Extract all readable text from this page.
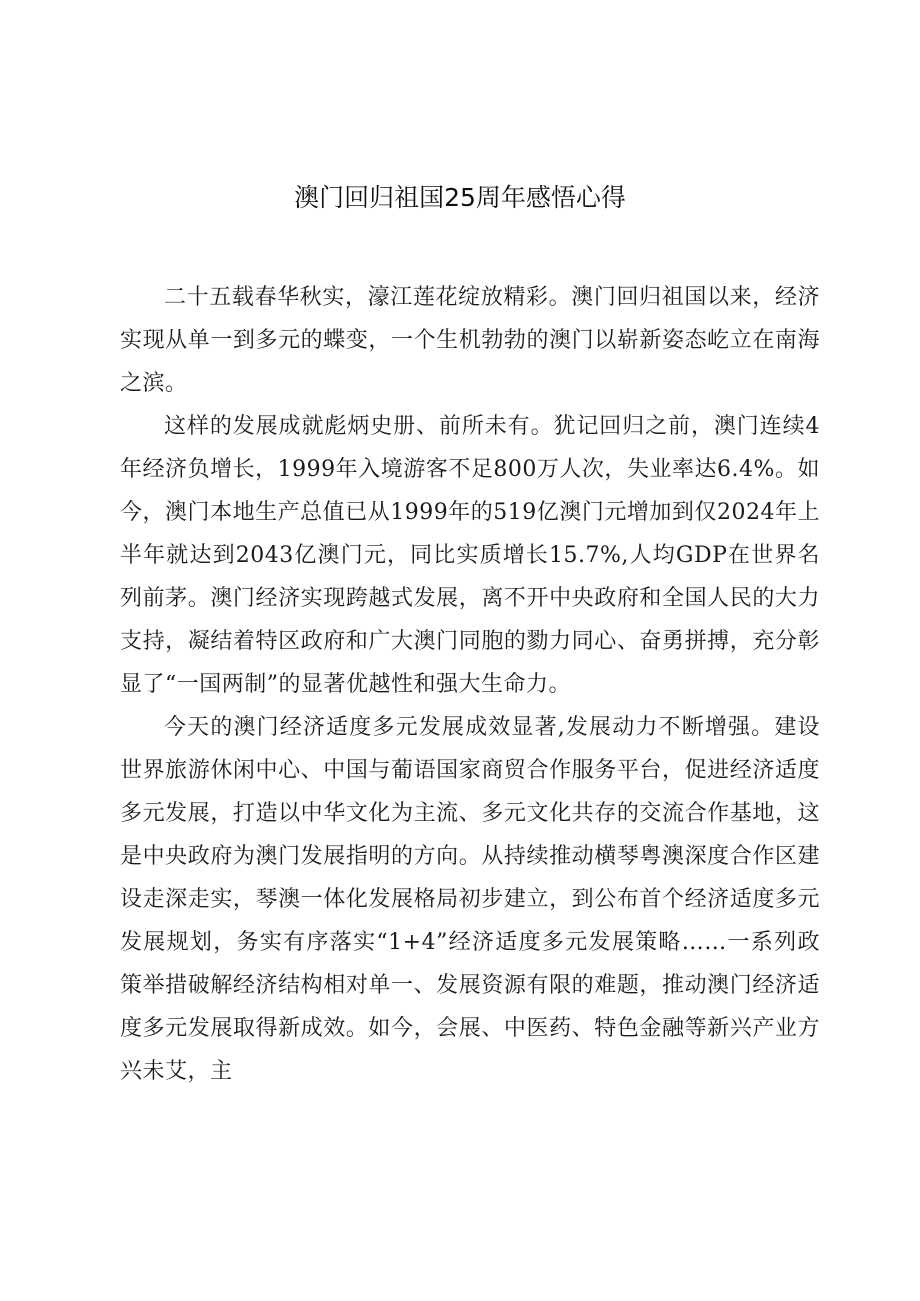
澳门回归祖国25周年感悟心得

二十五载春华秋实，濠江莲花绽放精彩。澳门回归祖国以来，经济实现从单一到多元的蝶变，一个生机勃勃的澳门以崭新姿态屹立在南海之滨。

这样的发展成就彪炳史册、前所未有。犹记回归之前，澳门连续4年经济负增长，1999年入境游客不足800万人次，失业率达6.4%。如今，澳门本地生产总值已从1999年的519亿澳门元增加到仅2024年上半年就达到2043亿澳门元，同比实质增长15.7%,人均GDP在世界名列前茅。澳门经济实现跨越式发展，离不开中央政府和全国人民的大力支持，凝结着特区政府和广大澳门同胞的勠力同心、奋勇拼搏，充分彰显了“一国两制”的显著优越性和强大生命力。

今天的澳门经济适度多元发展成效显著,发展动力不断增强。建设世界旅游休闲中心、中国与葡语国家商贸合作服务平台，促进经济适度多元发展，打造以中华文化为主流、多元文化共存的交流合作基地，这是中央政府为澳门发展指明的方向。从持续推动横琴粤澳深度合作区建设走深走实，琴澳一体化发展格局初步建立，到公布首个经济适度多元发展规划，务实有序落实“1+4”经济适度多元发展策略……一系列政策举措破解经济结构相对单一、发展资源有限的难题，推动澳门经济适度多元发展取得新成效。如今，会展、中医药、特色金融等新兴产业方兴未艾，主
